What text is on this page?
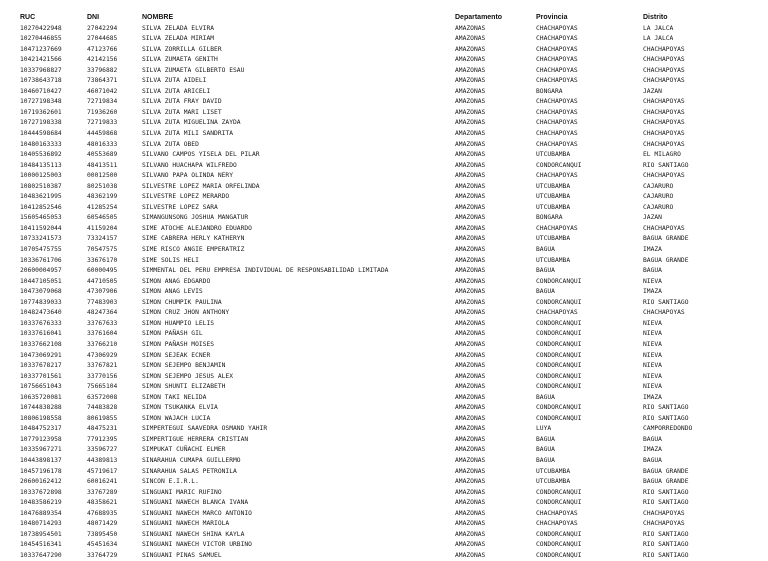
RUC	DNI	NOMBRE	Departamento	Provincia	Distrito
10270422948	27042294	SILVA ZELADA ELVIRA	AMAZONAS	CHACHAPOYAS	LA JALCA
10270446855	27044685	SILVA ZELADA MIRIAM	AMAZONAS	CHACHAPOYAS	LA JALCA
10471237669	47123766	SILVA ZORRILLA GILBER	AMAZONAS	CHACHAPOYAS	CHACHAPOYAS
10421421566	42142156	SILVA ZUMAETA GENITH	AMAZONAS	CHACHAPOYAS	CHACHAPOYAS
10337968827	33796882	SILVA ZUMAETA GILBERTO ESAU	AMAZONAS	CHACHAPOYAS	CHACHAPOYAS
10738643718	73864371	SILVA ZUTA AIDELI	AMAZONAS	CHACHAPOYAS	CHACHAPOYAS
10460710427	46071042	SILVA ZUTA ARICELI	AMAZONAS	BONGARA	JAZAN
10727198348	72719834	SILVA ZUTA FRAY DAVID	AMAZONAS	CHACHAPOYAS	CHACHAPOYAS
10719362601	71936260	SILVA ZUTA MARI LISET	AMAZONAS	CHACHAPOYAS	CHACHAPOYAS
10727198338	72719833	SILVA ZUTA MIGUELINA ZAYDA	AMAZONAS	CHACHAPOYAS	CHACHAPOYAS
10444598684	44459868	SILVA ZUTA MILI SANDRITA	AMAZONAS	CHACHAPOYAS	CHACHAPOYAS
10480163333	48016333	SILVA ZUTA OBED	AMAZONAS	CHACHAPOYAS	CHACHAPOYAS
10405536892	40553689	SILVANO CAMPOS YISELA DEL PILAR	AMAZONAS	UTCUBAMBA	EL MILAGRO
10484135113	48413511	SILVANO HUACHAPA WILFREDO	AMAZONAS	CONDORCANQUI	RIO SANTIAGO
10000125003	00012500	SILVANO PAPA OLINDA NERY	AMAZONAS	CHACHAPOYAS	CHACHAPOYAS
10802510387	80251038	SILVESTRE LOPEZ MARIA ORFELINDA	AMAZONAS	UTCUBAMBA	CAJARURO
10483621995	48362199	SILVESTRE LOPEZ MERARDO	AMAZONAS	UTCUBAMBA	CAJARURO
10412852546	41285254	SILVESTRE LOPEZ SARA	AMAZONAS	UTCUBAMBA	CAJARURO
15605465053	60546505	SIMANGUNSONG JOSHUA MANGATUR	AMAZONAS	BONGARA	JAZAN
10411592044	41159204	SIME ATOCHE ALEJANDRO EDUARDO	AMAZONAS	CHACHAPOYAS	CHACHAPOYAS
10733241573	73324157	SIME CABRERA HERLY KATHERYN	AMAZONAS	UTCUBAMBA	BAGUA GRANDE
10705475755	70547575	SIME RISCO ANGIE EMPERATRIZ	AMAZONAS	BAGUA	IMAZA
10336761706	33676170	SIME SOLIS HELI	AMAZONAS	UTCUBAMBA	BAGUA GRANDE
20600004957	60000495	SIMMENTAL DEL PERU EMPRESA INDIVIDUAL DE RESPONSABILIDAD LIMITADA	AMAZONAS	BAGUA	BAGUA
10447105051	44710505	SIMON ANAG EDGARDO	AMAZONAS	CONDORCANQUI	NIEVA
10473079068	47307906	SIMON ANAG LEVIS	AMAZONAS	BAGUA	IMAZA
10774839033	77483903	SIMON CHUMPIK PAULINA	AMAZONAS	CONDORCANQUI	RIO SANTIAGO
10482473640	48247364	SIMON CRUZ JHON ANTHONY	AMAZONAS	CHACHAPOYAS	CHACHAPOYAS
10337676333	33767633	SIMON HUAMPIO LELIS	AMAZONAS	CONDORCANQUI	NIEVA
10337616041	33761604	SIMON PAÑASH GIL	AMAZONAS	CONDORCANQUI	NIEVA
10337662108	33766210	SIMON PAÑASH MOISES	AMAZONAS	CONDORCANQUI	NIEVA
10473069291	47306929	SIMON SEJEAK ECNER	AMAZONAS	CONDORCANQUI	NIEVA
10337678217	33767821	SIMON SEJEMPO BENJAMIN	AMAZONAS	CONDORCANQUI	NIEVA
10337701561	33770156	SIMON SEJEMPO JESUS ALEX	AMAZONAS	CONDORCANQUI	NIEVA
10756651043	75665104	SIMON SHUNTI ELIZABETH	AMAZONAS	CONDORCANQUI	NIEVA
10635720081	63572008	SIMON TAKI NELIDA	AMAZONAS	BAGUA	IMAZA
10744838288	74483828	SIMON TSUKANKA ELVIA	AMAZONAS	CONDORCANQUI	RIO SANTIAGO
10806198558	80619855	SIMON WAJACH LUCIA	AMAZONAS	CONDORCANQUI	RIO SANTIAGO
10484752317	48475231	SIMPERTEGUI SAAVEDRA OSMAND YAHIR	AMAZONAS	LUYA	CAMPORREDONDO
10779123958	77912395	SIMPERTIGUE HERRERA CRISTIAN	AMAZONAS	BAGUA	BAGUA
10335967271	33596727	SIMPUKAT CUÑACHI ELMER	AMAZONAS	BAGUA	IMAZA
10443898137	44389813	SINARAHUA CUMAPA GUILLERMO	AMAZONAS	BAGUA	BAGUA
10457196178	45719617	SINARAHUA SALAS PETRONILA	AMAZONAS	UTCUBAMBA	BAGUA GRANDE
20600162412	60016241	SINCON E.I.R.L.	AMAZONAS	UTCUBAMBA	BAGUA GRANDE
10337672898	33767289	SINGUANI MARIC RUFINO	AMAZONAS	CONDORCANQUI	RIO SANTIAGO
10483586219	48358621	SINGUANI NAWECH BLANCA IVANA	AMAZONAS	CONDORCANQUI	RIO SANTIAGO
10476889354	47688935	SINGUANI NAWECH MARCO ANTONIO	AMAZONAS	CHACHAPOYAS	CHACHAPOYAS
10480714293	48071429	SINGUANI NAWECH MARIOLA	AMAZONAS	CHACHAPOYAS	CHACHAPOYAS
10738954501	73895450	SINGUANI NAWECH SHINA KAYLA	AMAZONAS	CONDORCANQUI	RIO SANTIAGO
10454516341	45451634	SINGUANI NAWECH VICTOR URBINO	AMAZONAS	CONDORCANQUI	RIO SANTIAGO
10337647290	33764729	SINGUANI PINAS SAMUEL	AMAZONAS	CONDORCANQUI	RIO SANTIAGO
